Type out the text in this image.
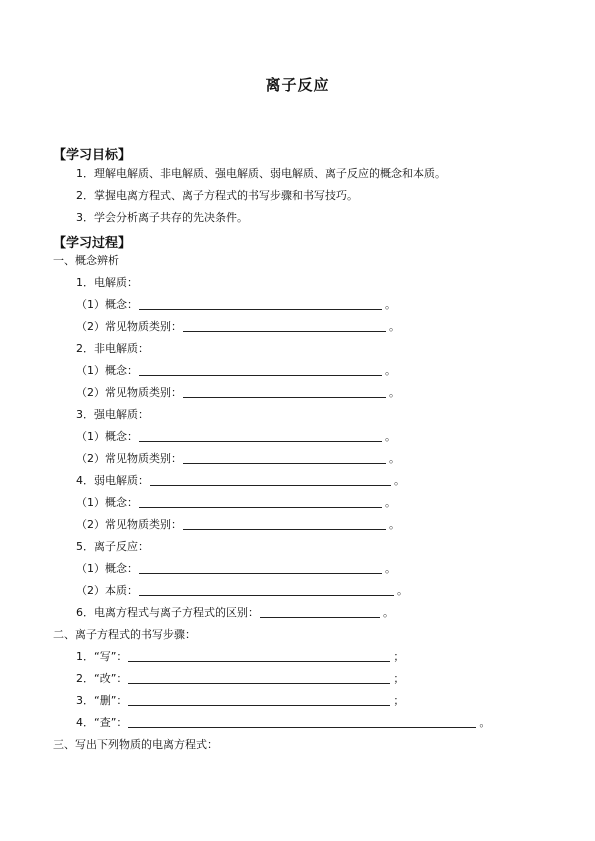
离子反应
【学习目标】
1．理解电解质、非电解质、强电解质、弱电解质、离子反应的概念和本质。
2．掌握电离方程式、离子方程式的书写步骤和书写技巧。
3．学会分析离子共存的先决条件。
【学习过程】
一、概念辨析
1．电解质：
（1）概念：	。
（2）常见物质类别：	。
2．非电解质：
（1）概念：	。
（2）常见物质类别：	。
3．强电解质：
（1）概念：	。
（2）常见物质类别：	。
4．弱电解质：	。
（1）概念：	。
（2）常见物质类别：	。
5．离子反应：
（1）概念：	。
（2）本质：	。
6．电离方程式与离子方程式的区别：	。
二、离子方程式的书写步骤：
1．“写”：	；
2．“改”：	；
3．“删”：	；
4．“查”：	。
三、写出下列物质的电离方程式：
